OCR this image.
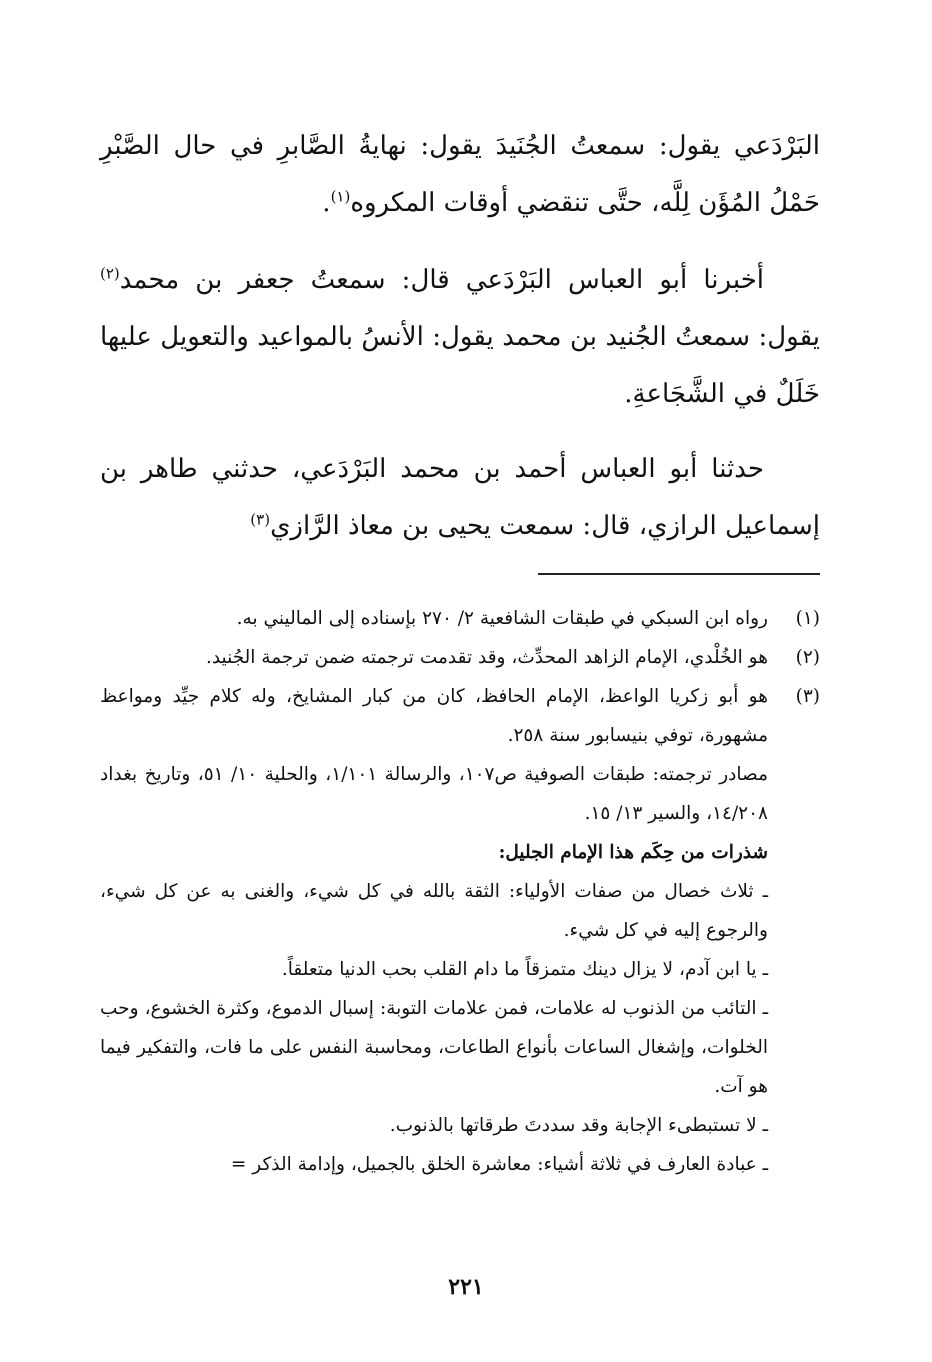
البَرْدَعي يقول: سمعتُ الجُنَيدَ يقول: نهايةُ الصَّابرِ في حال الصَّبْرِ حَمْلُ المُؤَن لِلَّه، حتَّى تنقضي أوقات المكروه$^{(١)}$.

أخبرنا أبو العباس البَرْدَعي قال: سمعتُ جعفر بن محمد$^{(٢)}$ يقول: سمعتُ الجُنيد بن محمد يقول: الأنسُ بالمواعيد والتعويل عليها خَلَلٌ في الشَّجَاعةِ.

حدثنا أبو العباس أحمد بن محمد البَرْدَعي، حدثني طاهر بن إسماعيل الرازي، قال: سمعت يحيى بن معاذ الرَّازي$^{(٣)}$

(١)
رواه ابن السبكي في طبقات الشافعية ٢/ ٢٧٠ بإسناده إلى الماليني به.
(٢)
هو الخُلْدي، الإمام الزاهد المحدِّث، وقد تقدمت ترجمته ضمن ترجمة الجُنيد.
(٣)
هو أبو زكريا الواعظ، الإمام الحافظ، كان من كبار المشايخ، وله كلام جيِّد ومواعظ مشهورة، توفي بنيسابور سنة ٢٥٨.
مصادر ترجمته: طبقات الصوفية ص١٠٧، والرسالة ١/١٠١، والحلية ١٠/ ٥١، وتاريخ بغداد ١٤/٢٠٨، والسير ١٣/ ١٥.
شذرات من حِكَم هذا الإمام الجليل:
ـ ثلاث خصال من صفات الأولياء: الثقة بالله في كل شيء، والغنى به عن كل شيء، والرجوع إليه في كل شيء.
ـ يا ابن آدم، لا يزال دينك متمزقاً ما دام القلب بحب الدنيا متعلقاً.
ـ التائب من الذنوب له علامات، فمن علامات التوبة: إسبال الدموع، وكثرة الخشوع، وحب الخلوات، وإشغال الساعات بأنواع الطاعات، ومحاسبة النفس على ما فات، والتفكير فيما هو آت.
ـ لا تستبطىء الإجابة وقد سددتَ طرقاتها بالذنوب.
ـ عبادة العارف في ثلاثة أشياء: معاشرة الخلق بالجميل، وإدامة الذكر =
٢٢١
